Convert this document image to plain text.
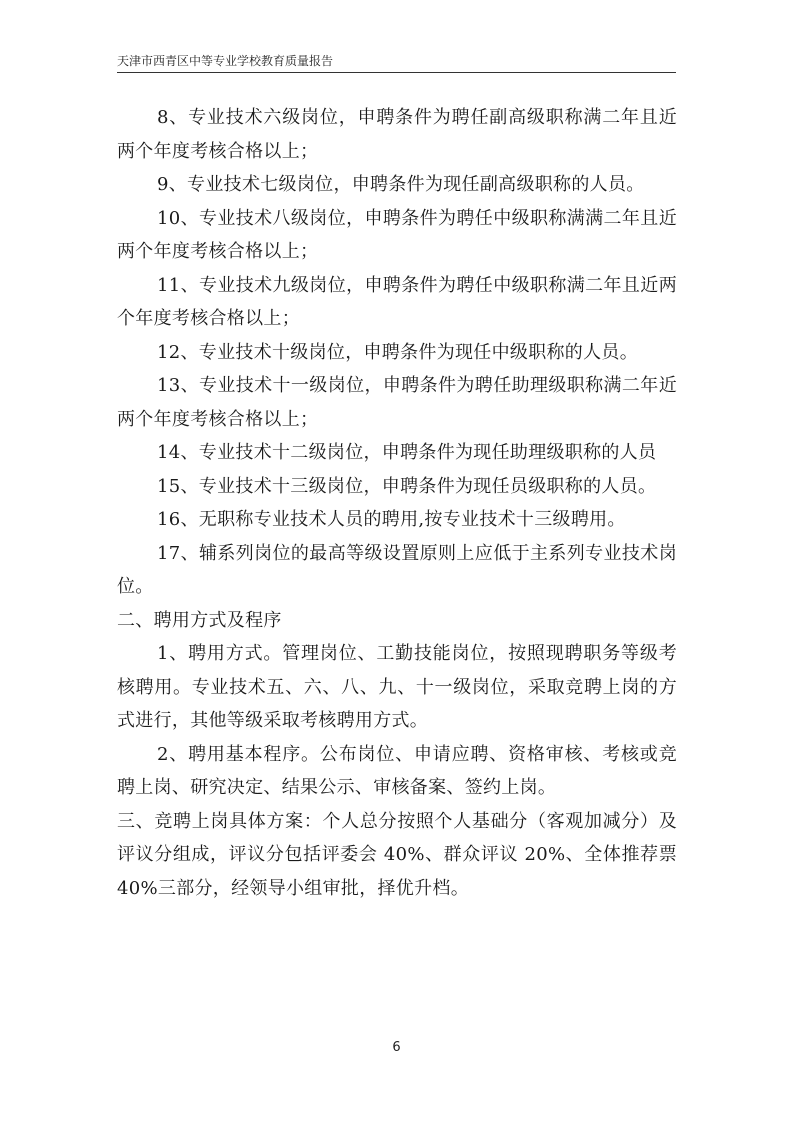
天津市西青区中等专业学校教育质量报告

8、专业技术六级岗位，申聘条件为聘任副高级职称满二年且近两个年度考核合格以上；

9、专业技术七级岗位，申聘条件为现任副高级职称的人员。

10、专业技术八级岗位，申聘条件为聘任中级职称满满二年且近两个年度考核合格以上；

11、专业技术九级岗位，申聘条件为聘任中级职称满二年且近两个年度考核合格以上；

12、专业技术十级岗位，申聘条件为现任中级职称的人员。

13、专业技术十一级岗位，申聘条件为聘任助理级职称满二年近两个年度考核合格以上；

14、专业技术十二级岗位，申聘条件为现任助理级职称的人员

15、专业技术十三级岗位，申聘条件为现任员级职称的人员。

16、无职称专业技术人员的聘用,按专业技术十三级聘用。

17、辅系列岗位的最高等级设置原则上应低于主系列专业技术岗位。

二、聘用方式及程序

1、聘用方式。管理岗位、工勤技能岗位，按照现聘职务等级考核聘用。专业技术五、六、八、九、十一级岗位，采取竞聘上岗的方式进行，其他等级采取考核聘用方式。

2、聘用基本程序。公布岗位、申请应聘、资格审核、考核或竞聘上岗、研究决定、结果公示、审核备案、签约上岗。

三、竞聘上岗具体方案：个人总分按照个人基础分（客观加减分）及评议分组成，评议分包括评委会 40%、群众评议 20%、全体推荐票 40%三部分，经领导小组审批，择优升档。

6
